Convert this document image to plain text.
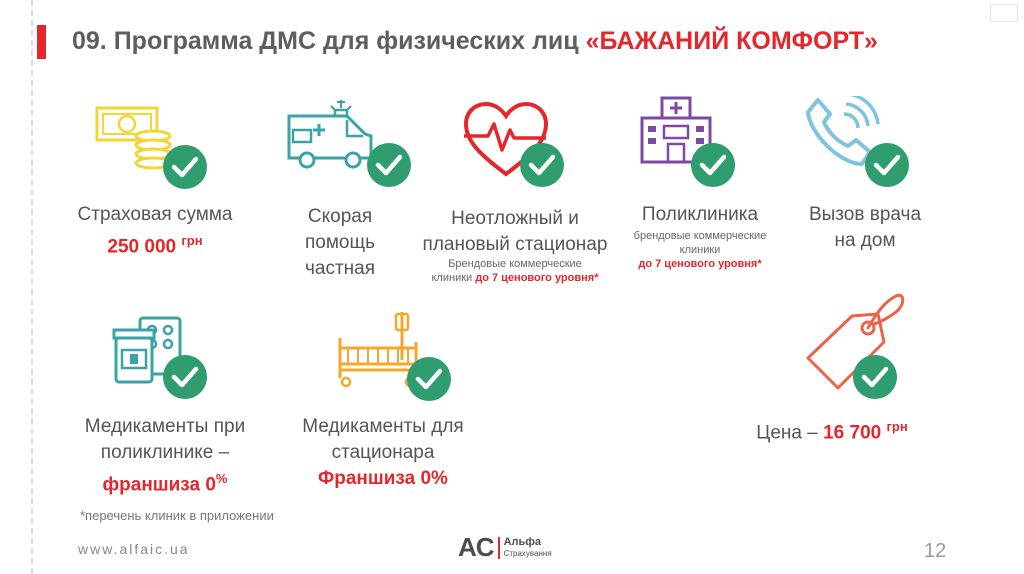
09. Программа ДМС для физических лиц «БАЖАНИЙ КОМФОРТ»
Страховая сумма
250 000 $^{грн}$
Скорая
помощь
частная
Неотложный и
плановый стационар
Брендовые коммерческие
клиники до 7 ценового уровня*
Поликлиника
брендовые коммерческие
клиники
до 7 ценового уровня*
Вызов врача
на дом
Медикаменты при
поликлинике –
франшиза 0%
Медикаменты для
стационара
Франшиза 0%
Цена – 16 700 $^{грн}$
*перечень клиник в приложении
www.alfaic.ua	AC Альфа
Страхування	12
